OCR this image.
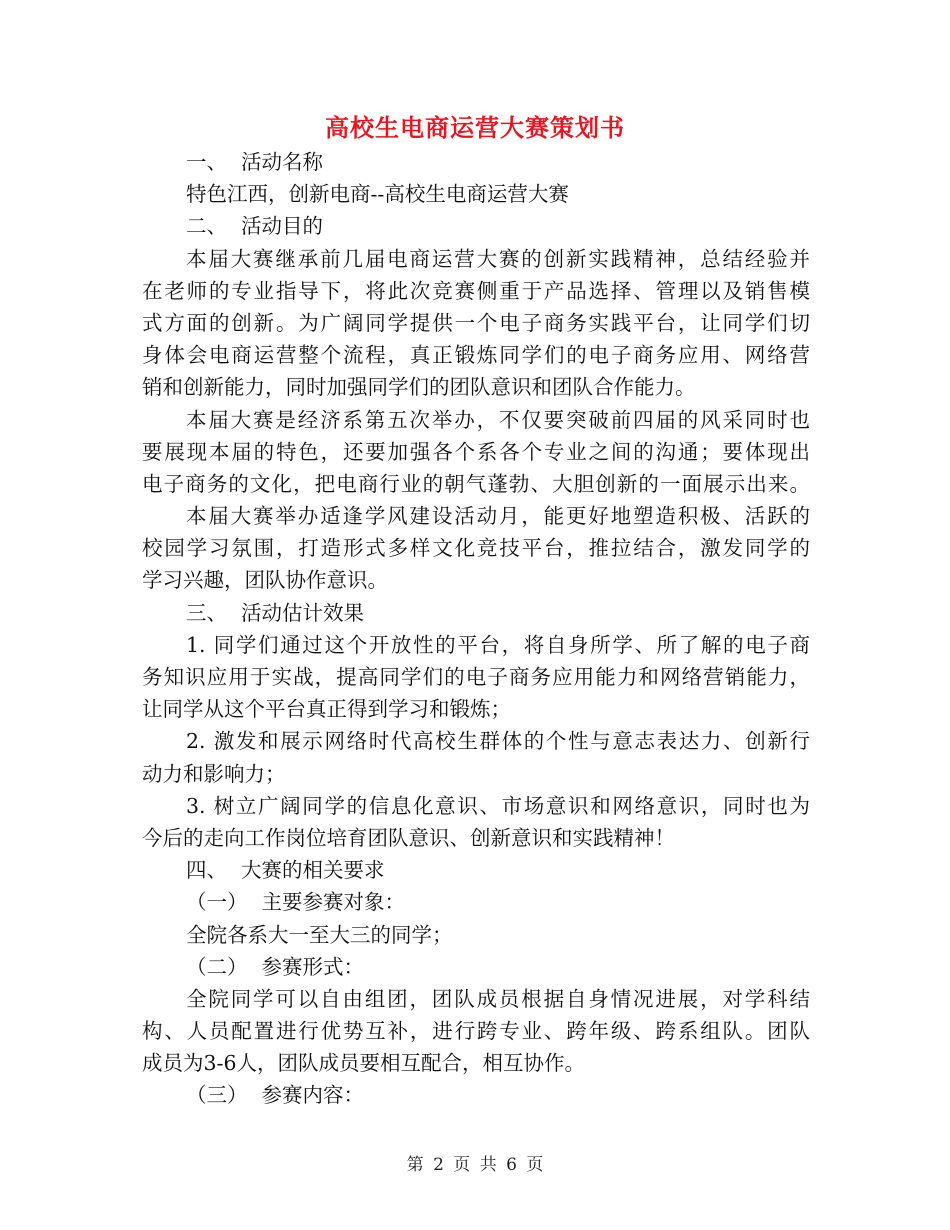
高校生电商运营大赛策划书
一、 活动名称
特色江西，创新电商--高校生电商运营大赛
二、 活动目的
本届大赛继承前几届电商运营大赛的创新实践精神，总结经验并
在老师的专业指导下，将此次竞赛侧重于产品选择、管理以及销售模
式方面的创新。为广阔同学提供一个电子商务实践平台，让同学们切
身体会电商运营整个流程，真正锻炼同学们的电子商务应用、网络营
销和创新能力，同时加强同学们的团队意识和团队合作能力。
本届大赛是经济系第五次举办，不仅要突破前四届的风采同时也
要展现本届的特色，还要加强各个系各个专业之间的沟通；要体现出
电子商务的文化，把电商行业的朝气蓬勃、大胆创新的一面展示出来。
本届大赛举办适逢学风建设活动月，能更好地塑造积极、活跃的
校园学习氛围，打造形式多样文化竞技平台，推拉结合，激发同学的
学习兴趣，团队协作意识。
三、 活动估计效果
1. 同学们通过这个开放性的平台，将自身所学、所了解的电子商
务知识应用于实战，提高同学们的电子商务应用能力和网络营销能力，
让同学从这个平台真正得到学习和锻炼；
2. 激发和展示网络时代高校生群体的个性与意志表达力、创新行
动力和影响力；
3. 树立广阔同学的信息化意识、市场意识和网络意识，同时也为
今后的走向工作岗位培育团队意识、创新意识和实践精神！
四、 大赛的相关要求
（一） 主要参赛对象：
全院各系大一至大三的同学；
（二） 参赛形式：
全院同学可以自由组团，团队成员根据自身情况进展，对学科结
构、人员配置进行优势互补，进行跨专业、跨年级、跨系组队。团队
成员为3-6人，团队成员要相互配合，相互协作。
（三） 参赛内容：
第 2 页 共 6 页
